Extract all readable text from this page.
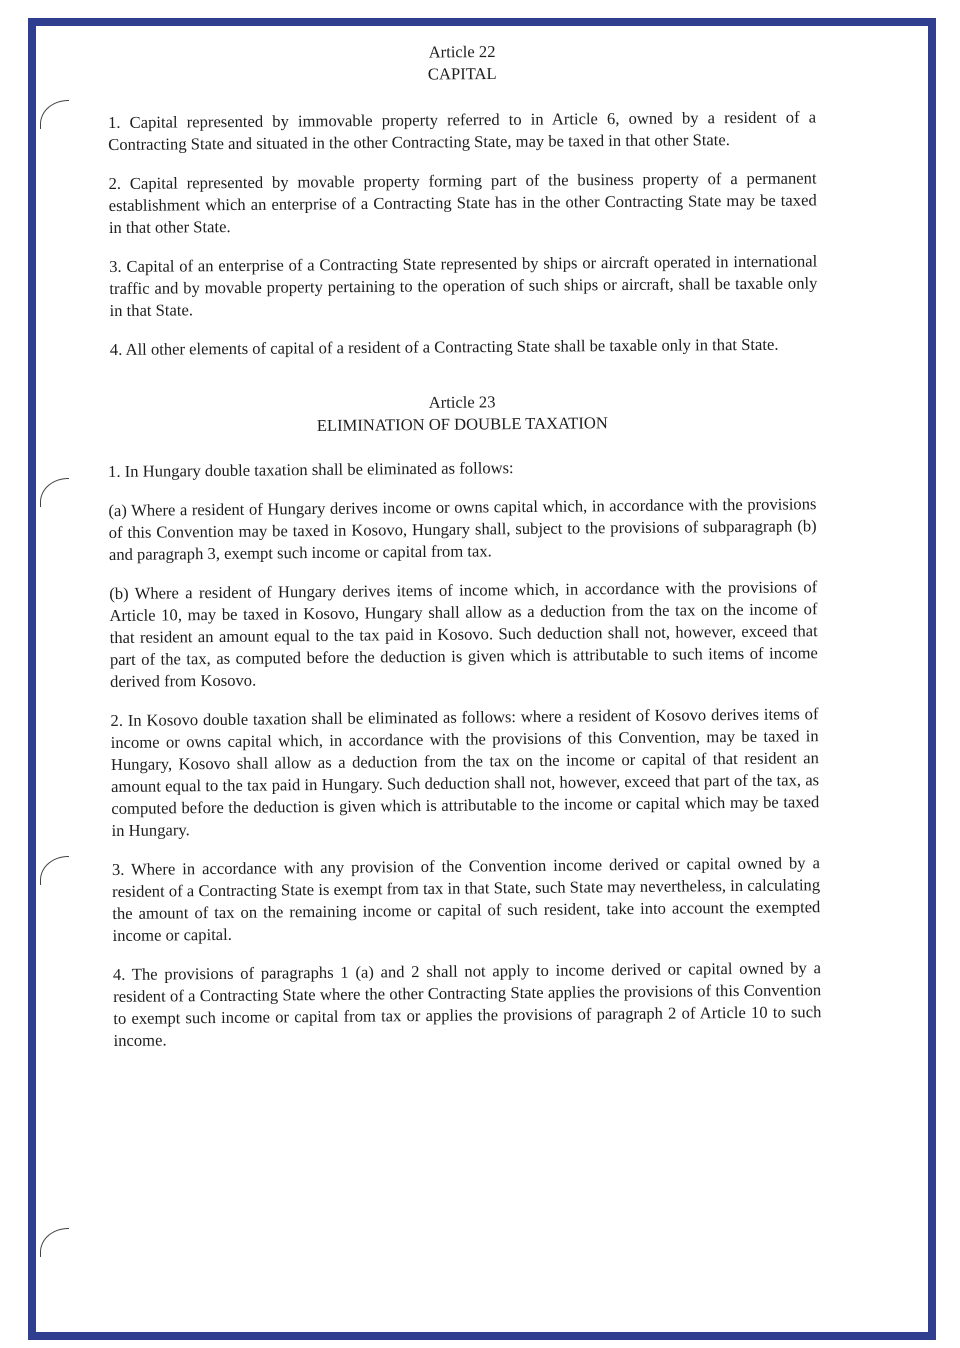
Article 22
CAPITAL

1. Capital represented by immovable property referred to in Article 6, owned by a resident of a Contracting State and situated in the other Contracting State, may be taxed in that other State.

2. Capital represented by movable property forming part of the business property of a permanent establishment which an enterprise of a Contracting State has in the other Contracting State may be taxed in that other State.

3. Capital of an enterprise of a Contracting State represented by ships or aircraft operated in international traffic and by movable property pertaining to the operation of such ships or aircraft, shall be taxable only in that State.

4. All other elements of capital of a resident of a Contracting State shall be taxable only in that State.

Article 23
ELIMINATION OF DOUBLE TAXATION

1. In Hungary double taxation shall be eliminated as follows:

(a) Where a resident of Hungary derives income or owns capital which, in accordance with the provisions of this Convention may be taxed in Kosovo, Hungary shall, subject to the provisions of subparagraph (b) and paragraph 3, exempt such income or capital from tax.

(b) Where a resident of Hungary derives items of income which, in accordance with the provisions of Article 10, may be taxed in Kosovo, Hungary shall allow as a deduction from the tax on the income of that resident an amount equal to the tax paid in Kosovo. Such deduction shall not, however, exceed that part of the tax, as computed before the deduction is given which is attributable to such items of income derived from Kosovo.

2. In Kosovo double taxation shall be eliminated as follows: where a resident of Kosovo derives items of income or owns capital which, in accordance with the provisions of this Convention, may be taxed in Hungary, Kosovo shall allow as a deduction from the tax on the income or capital of that resident an amount equal to the tax paid in Hungary. Such deduction shall not, however, exceed that part of the tax, as computed before the deduction is given which is attributable to the income or capital which may be taxed in Hungary.

3. Where in accordance with any provision of the Convention income derived or capital owned by a resident of a Contracting State is exempt from tax in that State, such State may nevertheless, in calculating the amount of tax on the remaining income or capital of such resident, take into account the exempted income or capital.

4. The provisions of paragraphs 1 (a) and 2 shall not apply to income derived or capital owned by a resident of a Contracting State where the other Contracting State applies the provisions of this Convention to exempt such income or capital from tax or applies the provisions of paragraph 2 of Article 10 to such income.
